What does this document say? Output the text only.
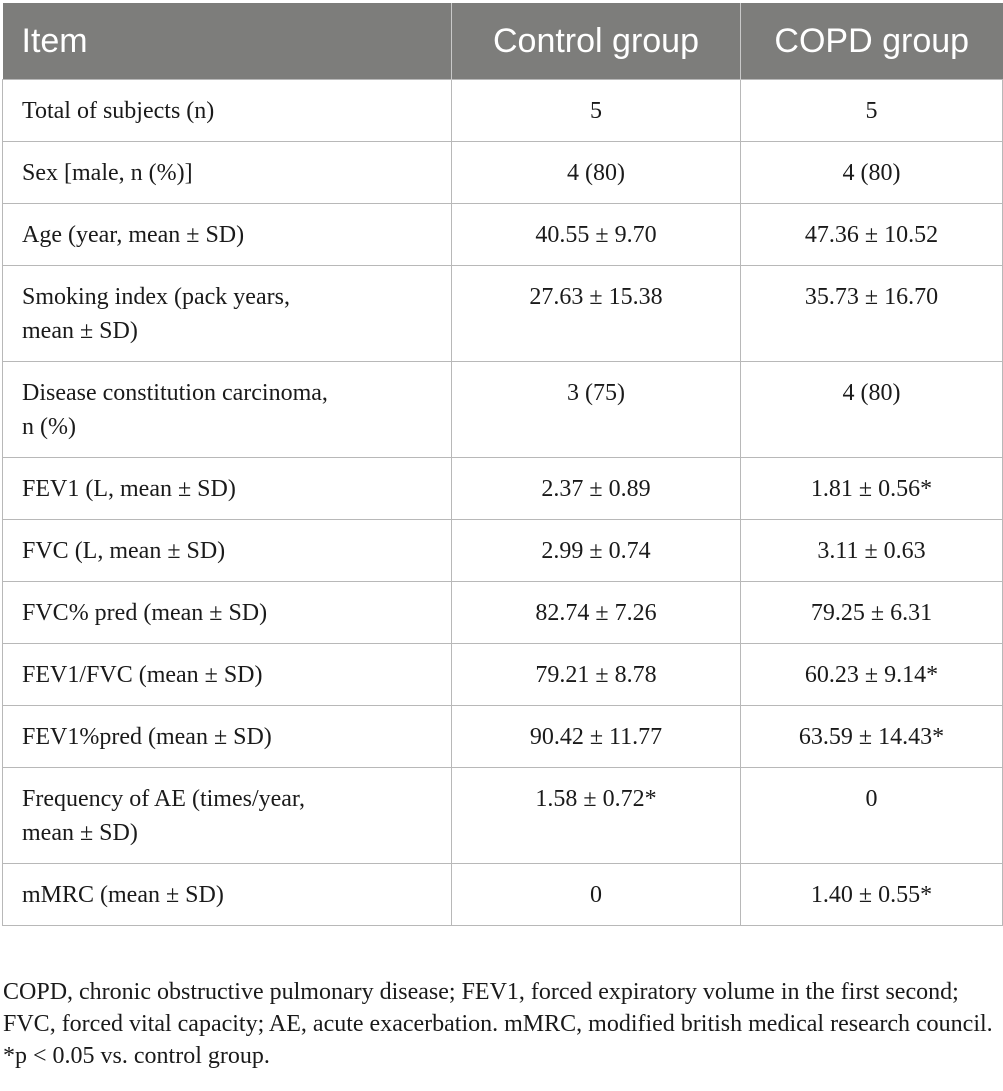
Item	Control group	COPD group
Total of subjects (n)	5	5
Sex [male, n (%)]	4 (80)	4 (80)
Age (year, mean ± SD)	40.55 ± 9.70	47.36 ± 10.52
Smoking index (pack years,
mean ± SD)	27.63 ± 15.38	35.73 ± 16.70
Disease constitution carcinoma,
n (%)	3 (75)	4 (80)
FEV1 (L, mean ± SD)	2.37 ± 0.89	1.81 ± 0.56*
FVC (L, mean ± SD)	2.99 ± 0.74	3.11 ± 0.63
FVC% pred (mean ± SD)	82.74 ± 7.26	79.25 ± 6.31
FEV1/FVC (mean ± SD)	79.21 ± 8.78	60.23 ± 9.14*
FEV1%pred (mean ± SD)	90.42 ± 11.77	63.59 ± 14.43*
Frequency of AE (times/year,
mean ± SD)	1.58 ± 0.72*	0
mMRC (mean ± SD)	0	1.40 ± 0.55*

COPD, chronic obstructive pulmonary disease; FEV1, forced expiratory volume in the first second; FVC, forced vital capacity; AE, acute exacerbation. mMRC, modified british medical research council. *p < 0.05 vs. control group.
